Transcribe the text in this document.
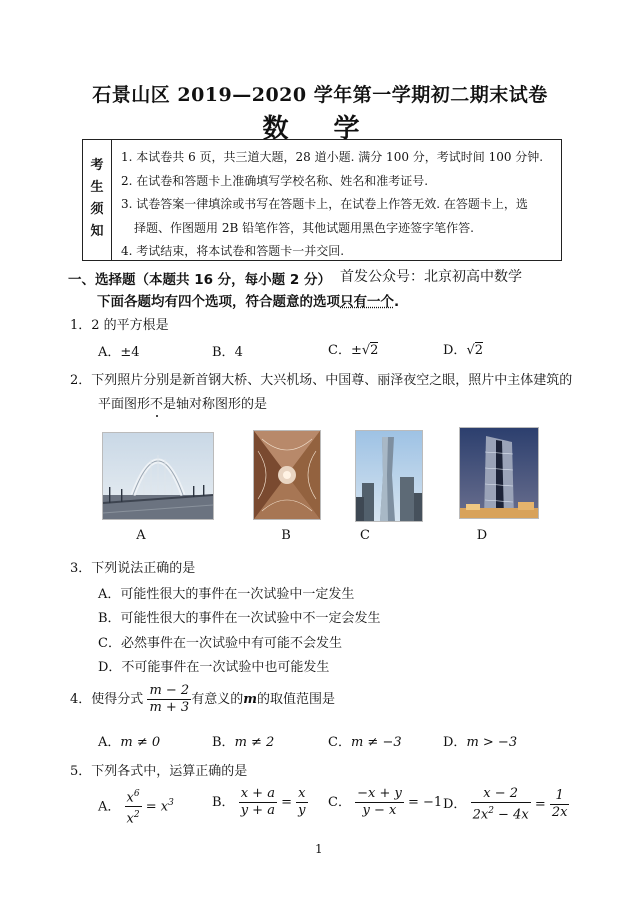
石景山区 2019—2020 学年第一学期初二期末试卷
数 学
考
生
须
知
1. 本试卷共 6 页，共三道大题，28 道小题. 满分 100 分，考试时间 100 分钟.
2. 在试卷和答题卡上准确填写学校名称、姓名和准考证号.
3. 试卷答案一律填涂或书写在答题卡上，在试卷上作答无效. 在答题卡上，选
择题、作图题用 2B 铅笔作答，其他试题用黑色字迹签字笔作答.
4. 考试结束，将本试卷和答题卡一并交回.
一、选择题（本题共 16 分，每小题 2 分） 首发公众号：北京初高中数学
下面各题均有四个选项，符合题意的选项只有一个.
1．2 的平方根是
A．±4	B．4	C．±√2	D．√2
2．下列照片分别是新首钢大桥、大兴机场、中国尊、丽泽夜空之眼，照片中主体建筑的
平面图形不是轴对称图形的是
A	B	C	D
3．下列说法正确的是
A．可能性很大的事件在一次试验中一定发生
B．可能性很大的事件在一次试验中不一定会发生
C．必然事件在一次试验中有可能不会发生
D．不可能事件在一次试验中也可能发生
4．使得分式 $\frac{m - 2}{m + 3}$ 有意义的m的取值范围是
A．m ≠ 0	B．m ≠ 2	C．m ≠ −3	D．m > −3
5．下列各式中，运算正确的是
A． $\frac{x^6}{x^2} = x^3$	B． $\frac{x + a}{y + a} = \frac{x}{y}$ C． $\frac{-x + y}{y - x} = -1$ D． $\frac{x - 2}{2x^2 - 4x} = \frac{1}{2x}$
1
